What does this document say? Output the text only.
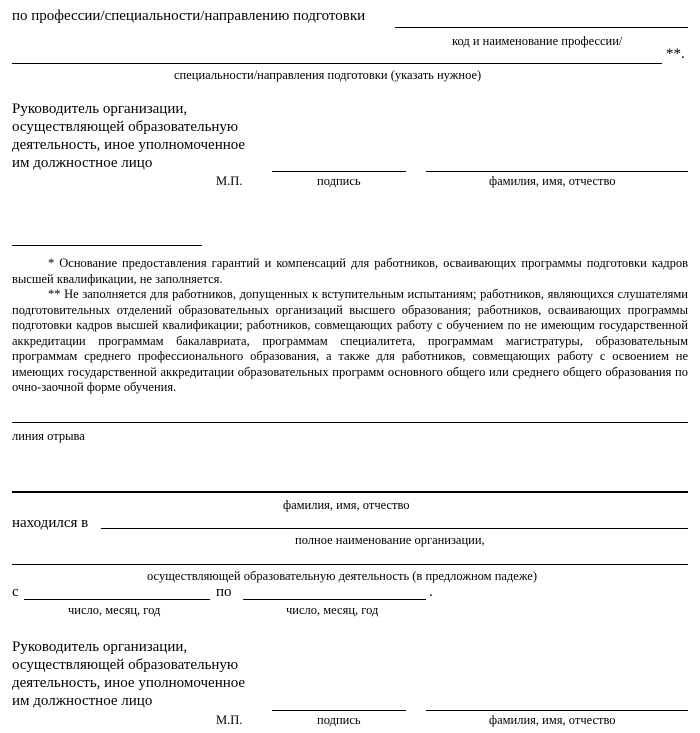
по профессии/специальности/направлению подготовки
код и наименование профессии/
**.
специальности/направления подготовки (указать нужное)
Руководитель организации,
осуществляющей образовательную
деятельность, иное уполномоченное
им должностное лицо
М.П.	подпись	фамилия, имя, отчество

* Основание предоставления гарантий и компенсаций для работников, осваивающих программы подготовки кадров высшей квалификации, не заполняется.

** Не заполняется для работников, допущенных к вступительным испытаниям; работников, являющихся слушателями подготовительных отделений образовательных организаций высшего образования; работников, осваивающих программы подготовки кадров высшей квалификации; работников, совмещающих работу с обучением по не имеющим государственной аккредитации программам бакалавриата, программам специалитета, программам магистратуры, образовательным программам среднего профессионального образования, а также для работников, совмещающих работу с освоением не имеющих государственной аккредитации образовательных программ основного общего или среднего общего образования по очно-заочной форме обучения.

линия отрыва
фамилия, имя, отчество
находился в
полное наименование организации,
осуществляющей образовательную деятельность (в предложном падеже)
с
число, месяц, год
по	.
число, месяц, год
Руководитель организации,
осуществляющей образовательную
деятельность, иное уполномоченное
им должностное лицо
М.П.	подпись	фамилия, имя, отчество
